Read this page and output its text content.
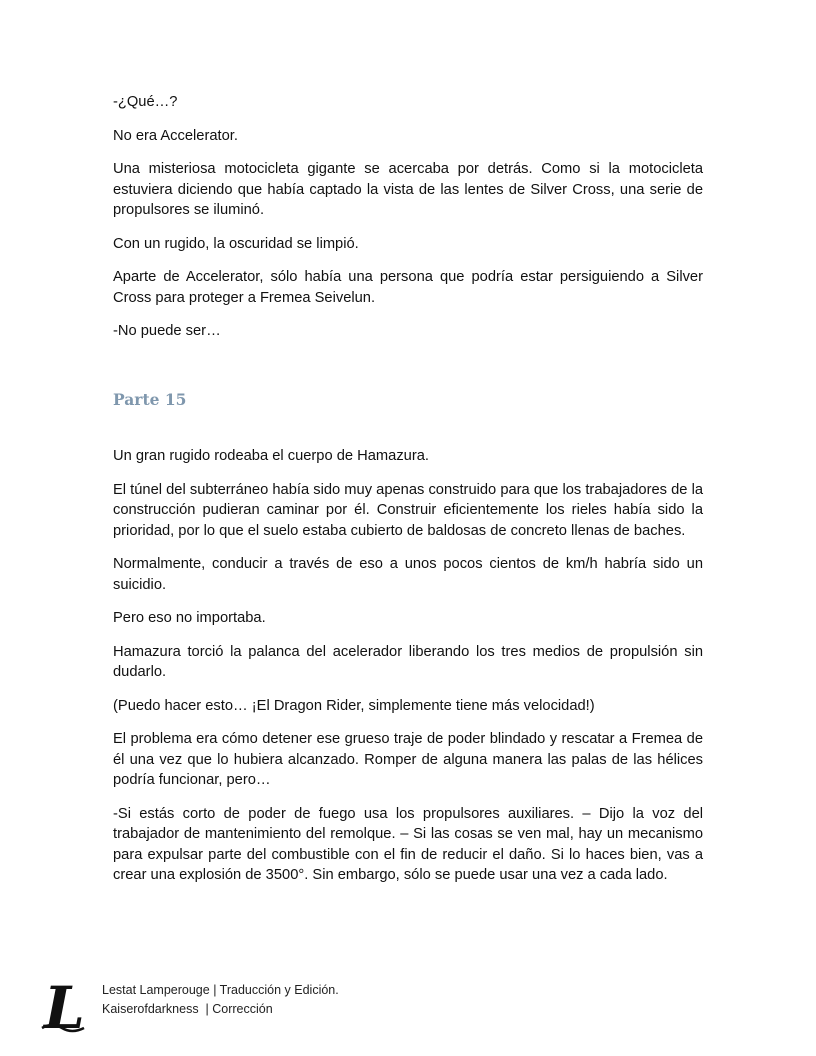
-¿Qué…?

No era Accelerator.

Una misteriosa motocicleta gigante se acercaba por detrás. Como si la motocicleta estuviera diciendo que había captado la vista de las lentes de Silver Cross, una serie de propulsores se iluminó.

Con un rugido, la oscuridad se limpió.

Aparte de Accelerator, sólo había una persona que podría estar persiguiendo a Silver Cross para proteger a Fremea Seivelun.

-No puede ser…

Parte 15

Un gran rugido rodeaba el cuerpo de Hamazura.

El túnel del subterráneo había sido muy apenas construido para que los trabajadores de la construcción pudieran caminar por él. Construir eficientemente los rieles había sido la prioridad, por lo que el suelo estaba cubierto de baldosas de concreto llenas de baches.

Normalmente, conducir a través de eso a unos pocos cientos de km/h habría sido un suicidio.

Pero eso no importaba.

Hamazura torció la palanca del acelerador liberando los tres medios de propulsión sin dudarlo.

(Puedo hacer esto… ¡El Dragon Rider, simplemente tiene más velocidad!)

El problema era cómo detener ese grueso traje de poder blindado y rescatar a Fremea de él una vez que lo hubiera alcanzado. Romper de alguna manera las palas de las hélices podría funcionar, pero…

-Si estás corto de poder de fuego usa los propulsores auxiliares. – Dijo la voz del trabajador de mantenimiento del remolque. – Si las cosas se ven mal, hay un mecanismo para expulsar parte del combustible con el fin de reducir el daño. Si lo haces bien, vas a crear una explosión de 3500°. Sin embargo, sólo se puede usar una vez a cada lado.

L Lestat Lamperouge | Traducción y Edición.
Kaiserofdarkness  | Corrección
